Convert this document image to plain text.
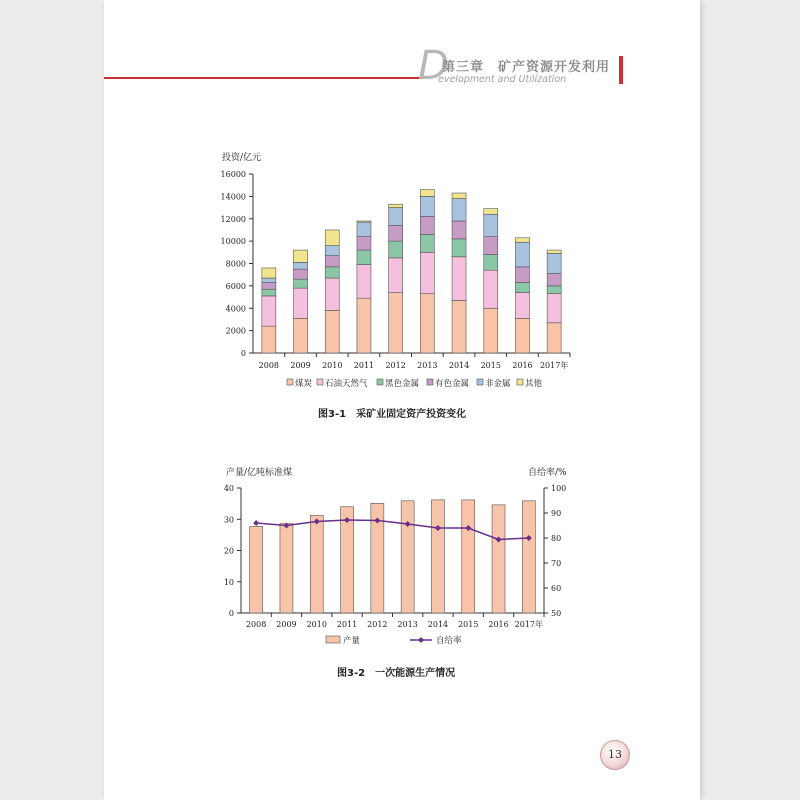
D
第三章　矿产资源开发利用
evelopment and Utilization
投资/亿元
0
2000
4000
6000
8000
10000
12000
14000
16000
2008 2009 2010 2011 2012 2013 2014 2015 2016 2017年
煤炭 石油天然气 黑色金属 有色金属 非金属 其他
产量/亿吨标准煤	自给率/%
0
10
20
30
40
50
60
70
80
90
100
2008 2009 2010 2011 2012 2013 2014 2015 2016 2017年
产量	自给率
图3-1　采矿业固定资产投资变化
图3-2　一次能源生产情况
13
